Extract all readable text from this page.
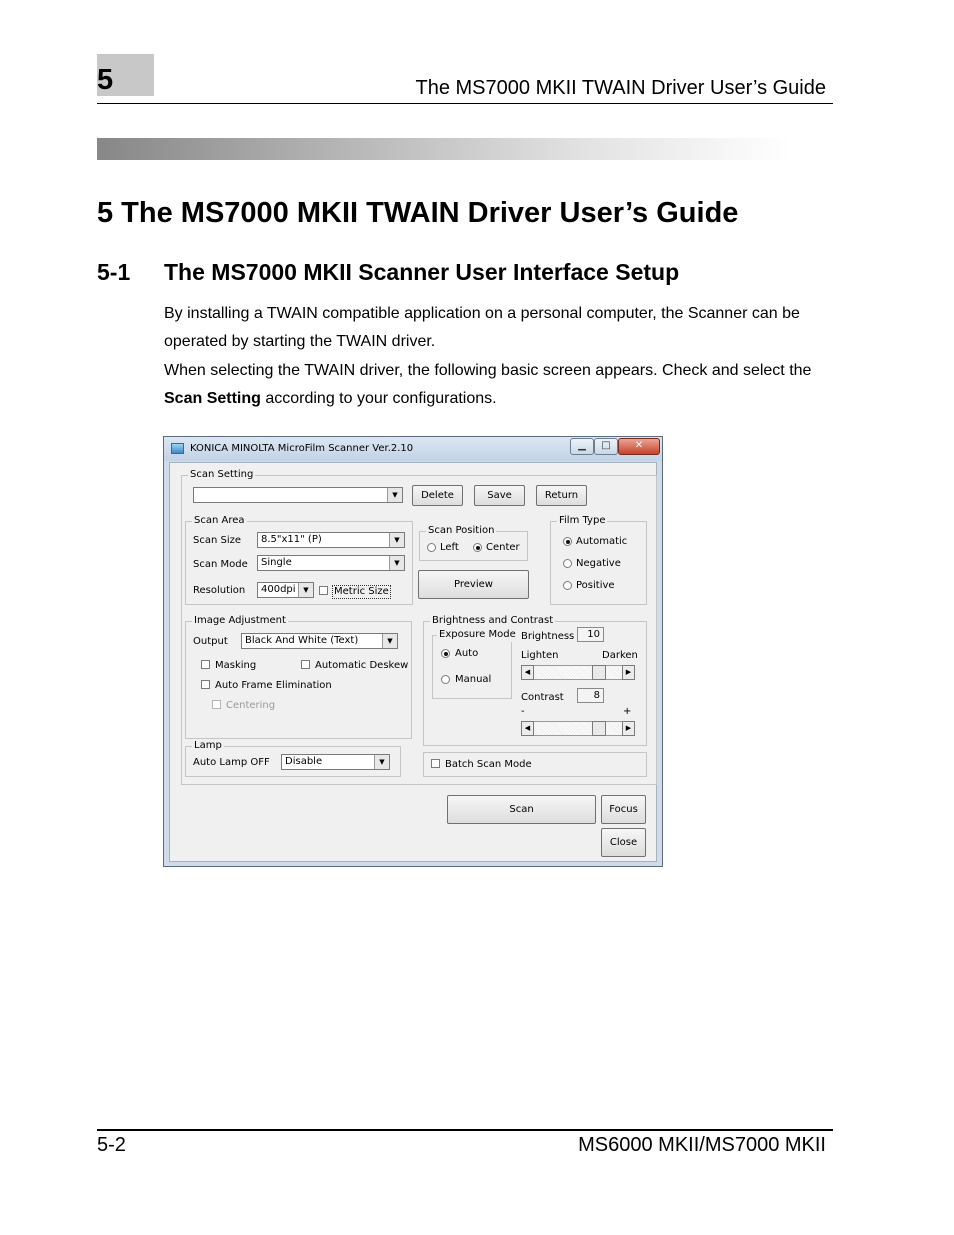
5	The MS7000 MKII TWAIN Driver User’s Guide
5 The MS7000 MKII TWAIN Driver User’s Guide
5-1 The MS7000 MKII Scanner User Interface Setup
By installing a TWAIN compatible application on a personal computer, the Scanner can be operated by starting the TWAIN driver.
When selecting the TWAIN driver, the following basic screen appears. Check and select the Scan Setting according to your configurations.
KONICA MINOLTA MicroFilm Scanner Ver.2.10	▁	□	✕
Scan Setting
▼	Delete	Save	Return
Scan Area
Scan Size 8.5"x11" (P)	▼
Scan Mode Single	▼
Resolution 400dpi	▼	Metric Size
Scan Position
Left	Center
Preview
Film Type
Automatic
Negative
Positive
Image Adjustment
Output Black And White (Text)	▼
Masking	Automatic Deskew
Auto Frame Elimination
Centering
Brightness and Contrast
Exposure Mode
Auto
Manual
Brightness	10
Lighten	Darken
◀	▶
Contrast	8
-	+
◀	▶
Lamp
Auto Lamp OFF Disable	▼	Batch Scan Mode
Scan	Focus
Close
5-2	MS6000 MKII/MS7000 MKII
